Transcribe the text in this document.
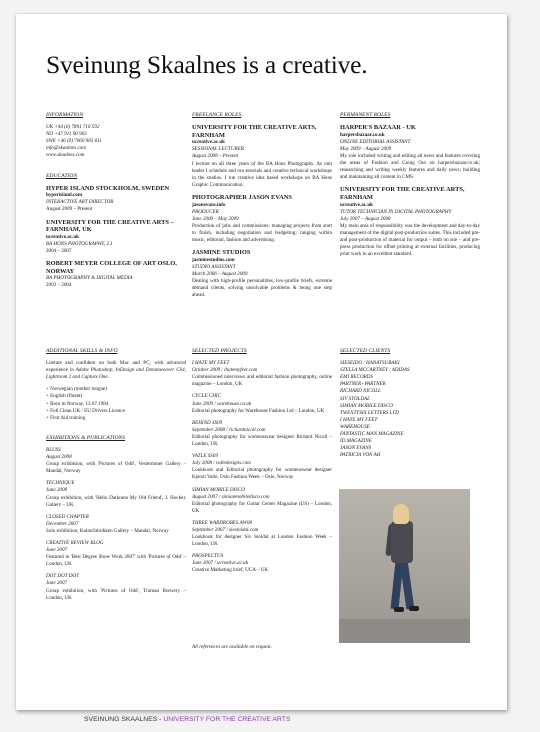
Sveinung Skaalnes is a creative.
INFORMATION
UK +44 (0) 7891 710 592
NO +47 911 90 903
SWE +46 (0) 7060 905 611
info@skaalnes.com
www.skaalnes.com
EDUCATION
HYPER ISLAND STOCKHOLM, SWEDEN
hyperisland.com
INTERACTIVE ART DIRECTOR
August 2009 – Present
UNIVERSITY FOR THE CREATIVE ARTS – FARNHAM, UK
ucreative.ac.uk
BA HONS PHOTOGRAPHY, 2.1
2004 – 2007
ROBERT MEYER COLLEGE OF ART OSLO, NORWAY
BA PHOTOGRAPHY & DIGITAL MEDIA
2003 – 2004
ADDITIONAL SKILLS & INFO
Literate and confident on both Mac and PC, with advanced experience in Adobe Photoshop, InDesign and Dreamweaver CS4, Lightroom 2 and Capture One.
+ Norwegian (mother tongue)
+ English (fluent)
+ Born in Norway, 13.07.1984
+ Full Clean UK / EU Drivers Licence
+ First Aid training
EXHIBITIONS & PUBLICATIONS
BLUSS
August 2008
Group exhibition, with 'Pictures of Odd', Vestermmer Gallery – Mandal, Norway
TECHNIQUE
June 2008
Group exhibition, with 'Hello Darkness My Old Friend', J. Hockey Gallery – UK
CLOSED CHAPTER
December 2007
Solo exhibition, Kulturfabrikken Gallery – Mandal, Norway
CREATIVE REVIEW BLOG
June 2007
Featured in 'Best Degree Show Work 2007' with 'Pictures of Odd' – London, UK
DOT DOT DOT
June 2007
Group exhibition, with 'Pictures of Odd', Truman Brewery – London, UK
FREELANCE ROLES
UNIVERSITY FOR THE CREATIVE ARTS, FARNHAM
ucreative.ac.uk
SESSIONAL LECTURER
August 2008 – Present
I lecture on all three years of the BA Hons Photography. As unit leader I schedule and run tutorials and creative technical workshops in the studios. I run creative idea based workshops on BA Hons Graphic Communication.
PHOTOGRAPHER JASON EVANS
jasonevans.info
PRODUCER
June 2006 – May 2009
Production of jobs and commissions; managing projects from start to finish, including negotiation and budgeting; ranging within music, editorial, fashion and advertising.
JASMINE STUDIOS
jasminestudios.com
STUDIO ASSISTANT
March 2006 – August 2009
Dealing with high-profile personalities, low-profile briefs, extreme demand clients, solving unsolvable problems & being one step ahead.
SELECTED PROJECTS
I HATE MY FEET
October 2009 / ihatemyfeet.com
Commissioned interviews and editorial fashion photography, online magazine – London, UK
CYCLE CHIC
June 2009 / warehouse.co.uk
Editorial photography for Warehouse Fashion Ltd – London, UK
BEHIND SS09
September 2008 / richardnicoll.com
Editorial photography for womenswear designer Richard Nicoll – London, UK
VATLE SS09
July 2008 / vatledesigns.com
Lookbook and Editorial photography for womenswear designer Kjersti Vatle, Oslo Fashion Week – Oslo, Norway
SIMIAN MOBILE DISCO
August 2007 / simianmobiledisco.com
Editorial photography for Guitar Center Magazine (US) – London, UK
THREE WARDROBES AW08
September 2007 / siestoldal.com
Lookbook for designer Siv Stoldal at London Fashion Week – London, UK
PROSPECTUS
June 2007 / ucreative.ac.uk
Creative Marketing brief, UCA – UK
All references are available on request.
PERMANENT ROLES
HARPER'S BAZAAR - UK
harpersbazaar.co.uk
ONLINE EDITORIAL ASSISTANT
May 2009 – August 2009
My role included writing and editing all news and features covering the areas of Fashion and Going Out on harpersbazaar.co.uk; researching and writing weekly features and daily news; building and maintaining all content in CMS.
UNIVERSITY FOR THE CREATIVE ARTS, FARNHAM
ucreative.ac.uk
TUTOR TECHNICIAN IN DIGITAL PHOTOGRAPHY
July 2007 – August 2008
My main area of responsibility was the development and day-to-day management of the digital post-production suites. This included pre- and post-production of material for output – both on site – and pre-press production for offset printing at external facilities, producing print work to an excellent standard.
SELECTED CLIENTS
SIESEIDO / HANATSUBAKI
STELLA MCCARTNEY / ADIDAS
EMI RECORDS
PARTNER+PARTNER
RICHARD NICOLL
SIV STOLDAL
SIMIAN MOBILE DISCO
TWENTYSIX LETTERS LTD
I HATE MY FEET
WAREHOUSE
FANTASTIC MAN MAGAZINE
ID MAGAZINE
JASON EVANS
PATRICIA VON AH
SVEINUNG SKAALNES - UNIVERSITY FOR THE CREATIVE ARTS
